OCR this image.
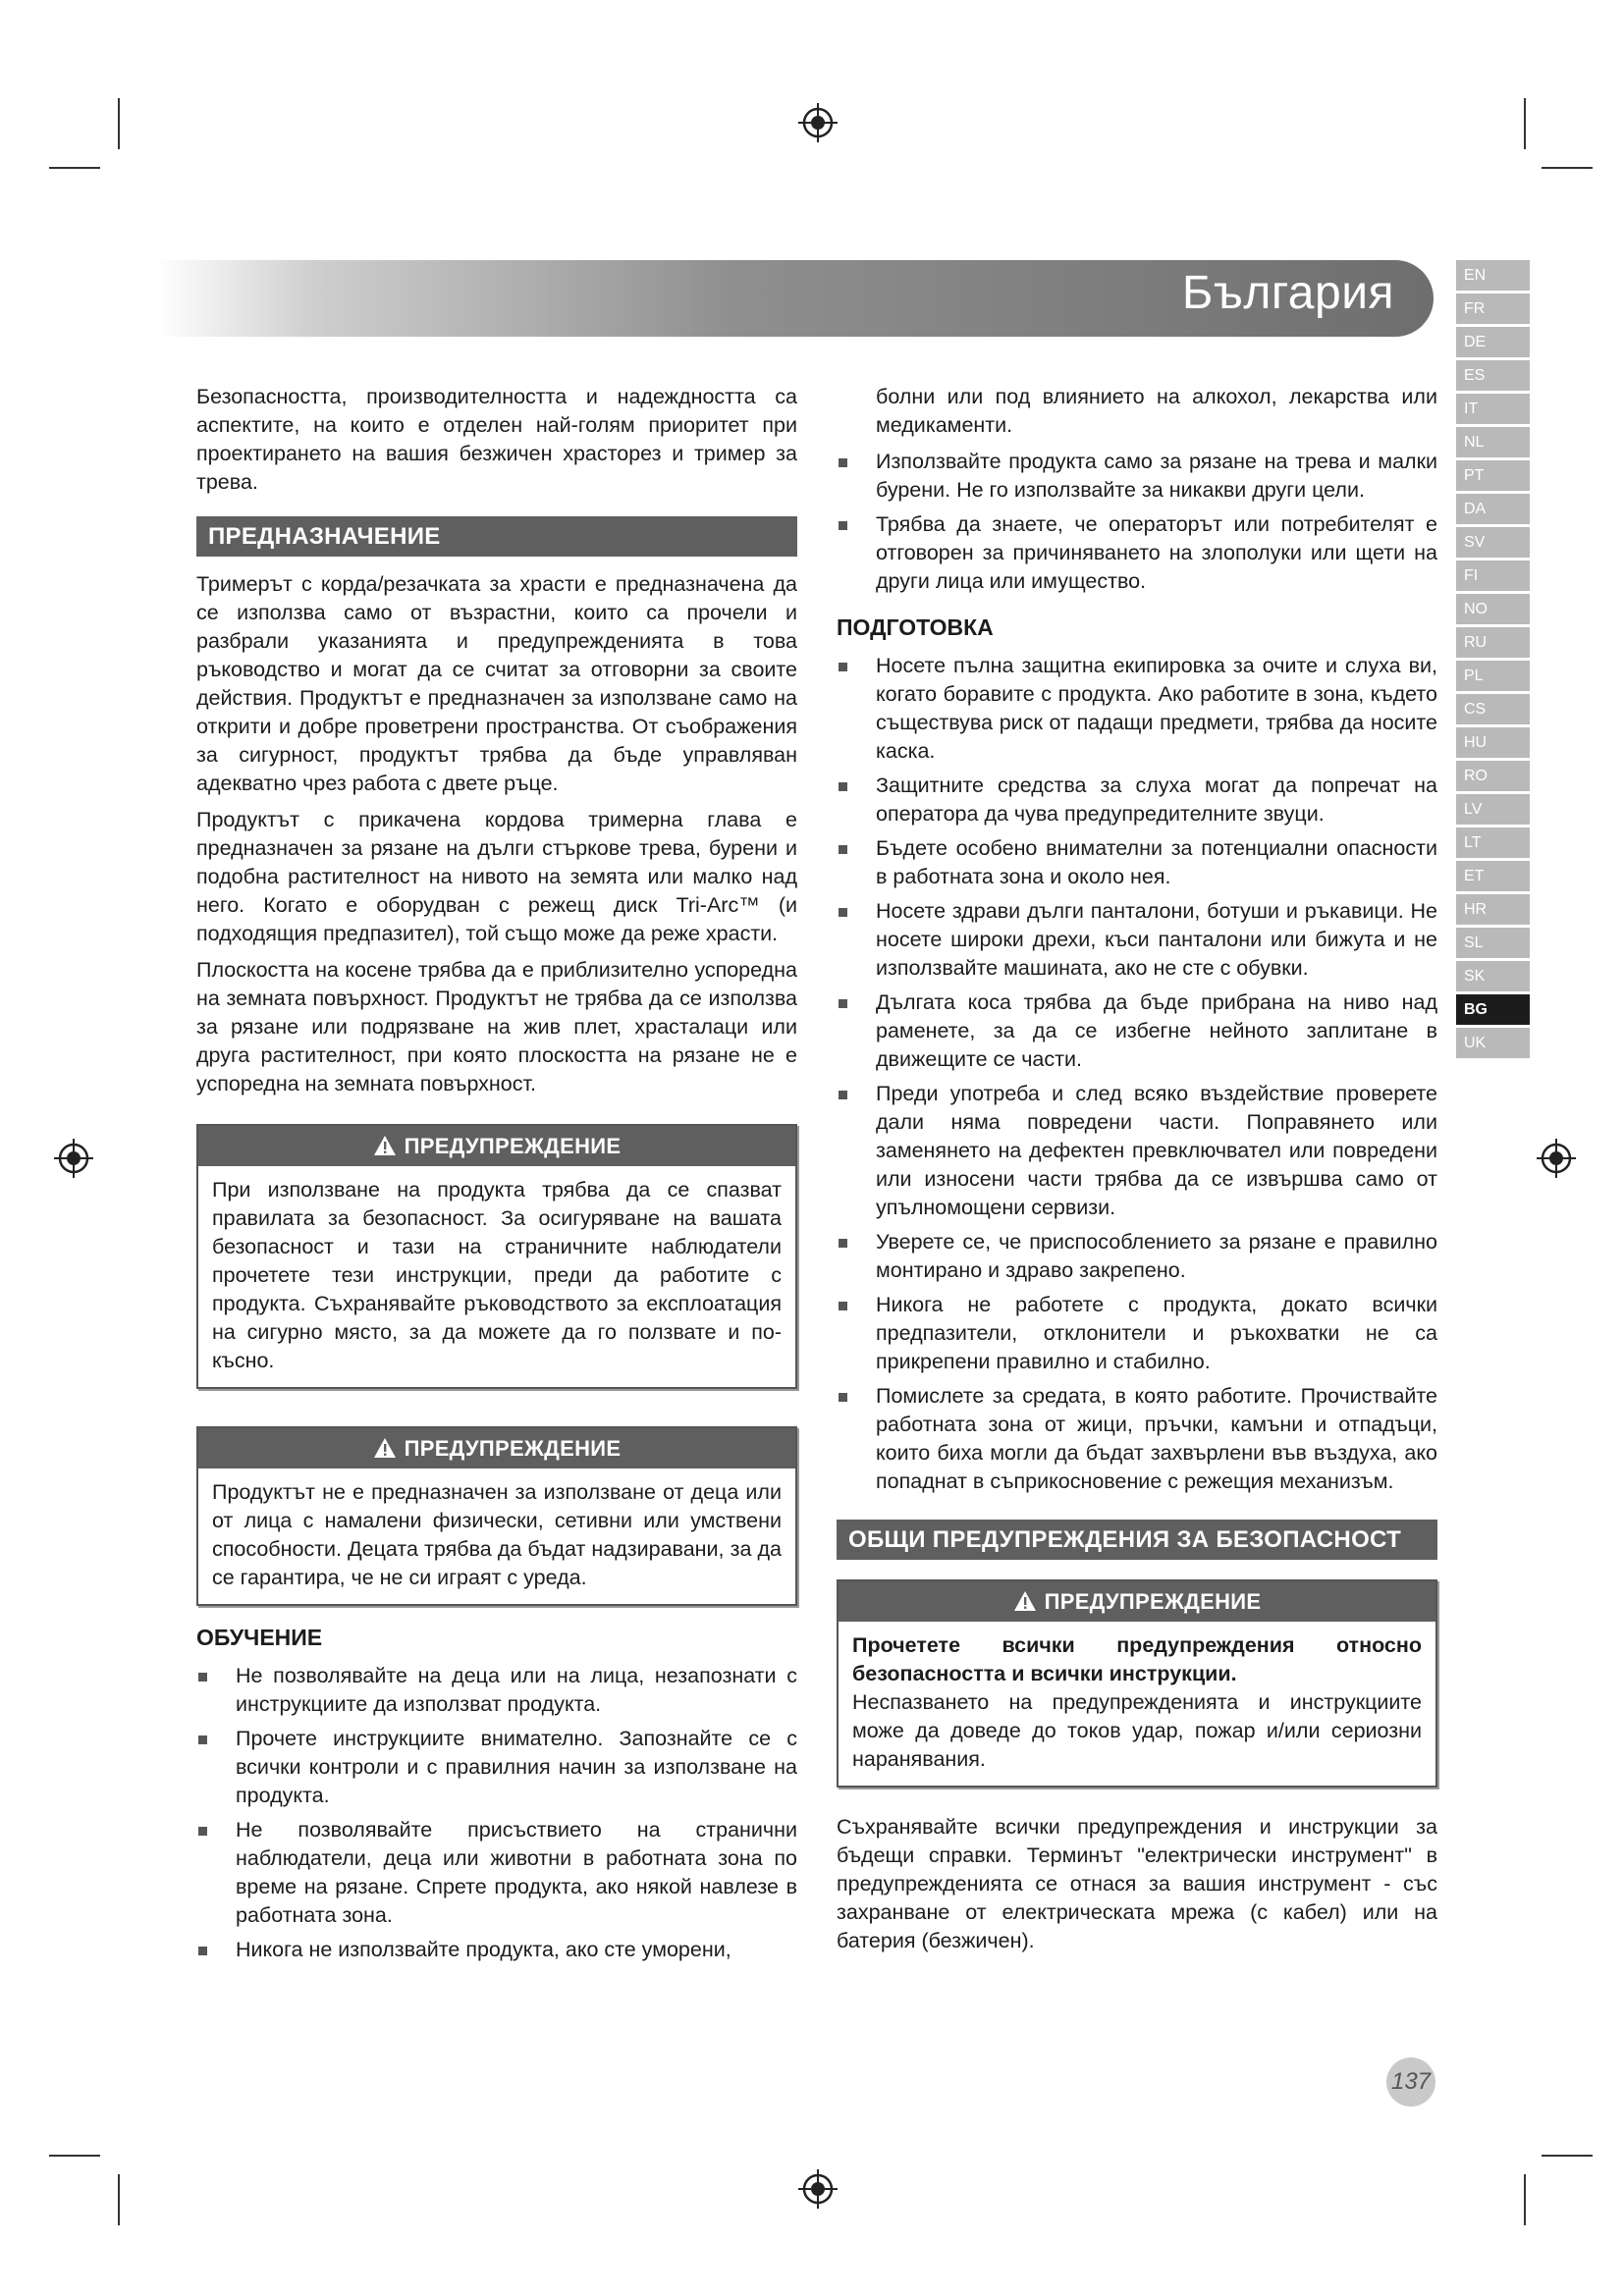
България	EN
FR
DE
ES
IT
NL
PT
DA
SV
FI
NO
RU
PL
CS
HU
RO
LV
LT
ET
HR
SL
SK
BG
UK

Безопасността, производителността и надеждността са аспектите, на които е отделен най-голям приоритет при проектирането на вашия безжичен храсторез и тример за трева.

ПРЕДНАЗНАЧЕНИЕ

Тримерът с корда/резачката за храсти е предназначена да се използва само от възрастни, които са прочели и разбрали указанията и предупрежденията в това ръководство и могат да се считат за отговорни за своите действия. Продуктът е предназначен за използване само на открити и добре проветрени пространства. От съображения за сигурност, продуктът трябва да бъде управляван адекватно чрез работа с двете ръце.

Продуктът с прикачена кордова тримерна глава е предназначен за рязане на дълги стъркове трева, бурени и подобна растителност на нивото на земята или малко над него. Когато е оборудван с режещ диск Tri-Arc™ (и подходящия предпазител), той също може да реже храсти.

Плоскостта на косене трябва да е приблизително успоредна на земната повърхност. Продуктът не трябва да се използва за рязане или подрязване на жив плет, храсталаци или друга растителност, при която плоскостта на рязане не е успоредна на земната повърхност.

ПРЕДУПРЕЖДЕНИЕ

При използване на продукта трябва да се спазват правилата за безопасност. За осигуряване на вашата безопасност и тази на страничните наблюдатели прочетете тези инструкции, преди да работите с продукта. Съхранявайте ръководството за експлоатация на сигурно място, за да можете да го ползвате и по-късно.

ПРЕДУПРЕЖДЕНИЕ

Продуктът не е предназначен за използване от деца или от лица с намалени физически, сетивни или умствени способности. Децата трябва да бъдат надзиравани, за да се гарантира, че не си играят с уреда.

ОБУЧЕНИЕ
Не позволявайте на деца или на лица, незапознати с инструкциите да използват продукта.
Прочете инструкциите внимателно. Запознайте се с всички контроли и с правилния начин за използване на продукта.
Не позволявайте присъствието на странични наблюдатели, деца или животни в работната зона по време на рязане. Спрете продукта, ако някой навлезе в работната зона.
Никога не използвайте продукта, ако сте уморени,

болни или под влиянието на алкохол, лекарства или медикаменти.

Използвайте продукта само за рязане на трева и малки бурени. Не го използвайте за никакви други цели.
Трябва да знаете, че операторът или потребителят е отговорен за причиняването на злополуки или щети на други лица или имущество.
ПОДГОТОВКА
Носете пълна защитна екипировка за очите и слуха ви, когато боравите с продукта. Ако работите в зона, където съществува риск от падащи предмети, трябва да носите каска.
Защитните средства за слуха могат да попречат на оператора да чува предупредителните звуци.
Бъдете особено внимателни за потенциални опасности в работната зона и около нея.
Носете здрави дълги панталони, ботуши и ръкавици. Не носете широки дрехи, къси панталони или бижута и не използвайте машината, ако не сте с обувки.
Дългата коса трябва да бъде прибрана на ниво над раменете, за да се избегне нейното заплитане в движещите се части.
Преди употреба и след всяко въздействие проверете дали няма повредени части. Поправянето или заменянето на дефектен превключвател или повредени или износени части трябва да се извършва само от упълномощени сервизи.
Уверете се, че приспособлението за рязане е правилно монтирано и здраво закрепено.
Никога не работете с продукта, докато всички предпазители, отклонители и ръкохватки не са прикрепени правилно и стабилно.
Помислете за средата, в която работите. Прочиствайте работната зона от жици, пръчки, камъни и отпадъци, които биха могли да бъдат захвърлени във въздуха, ако попаднат в съприкосновение с режещия механизъм.
ОБЩИ ПРЕДУПРЕЖДЕНИЯ ЗА БЕЗОПАСНОСТ
ПРЕДУПРЕЖДЕНИЕ

Прочетете всички предупреждения относно безопасността и всички инструкции.

Неспазването на предупрежденията и инструкциите може да доведе до токов удар, пожар и/или сериозни наранявания.

Съхранявайте всички предупреждения и инструкции за бъдещи справки. Терминът "електрически инструмент" в предупрежденията се отнася за вашия инструмент - със захранване от електрическата мрежа (с кабел) или на батерия (безжичен).

137
